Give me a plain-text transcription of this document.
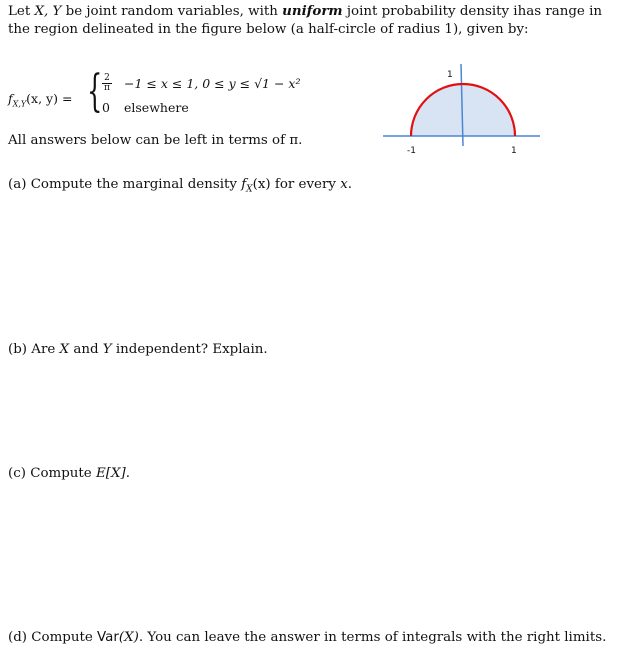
Let X, Y be joint random variables, with uniform joint probability density ihas range in the region delineated in the figure below (a half-circle of radius 1), given by:
$f_{X,Y}(x$, y) = { 2
π −1 ≤ x ≤ 1, 0 ≤ y ≤ √1 − x²
0 elsewhere
All answers below can be left in terms of π.
1
-1	1
(a) Compute the marginal density $f_X(x)$ for every x.
(b) Are X and Y independent? Explain.
(c) Compute E[X].
(d) Compute Var(X). You can leave the answer in terms of integrals with the right limits.
